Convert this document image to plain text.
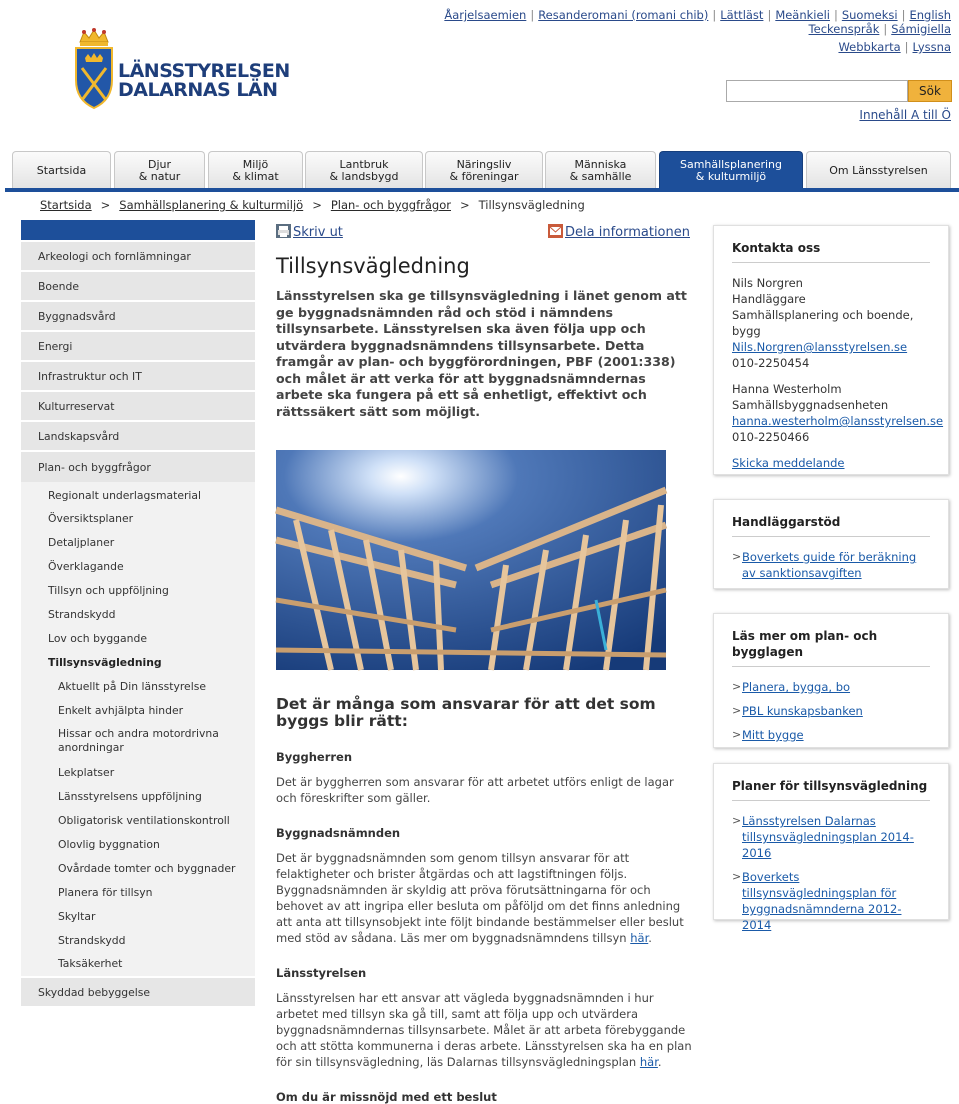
Åarjelsaemien | Resanderomani (romani chib) | Lättläst | Meänkieli | Suomeksi | English
Teckenspråk | Sámigiella
Webbkarta | Lyssna
LÄNSSTYRELSEN
DALARNAS LÄN	Sök
Innehåll A till Ö
Startsida	Djur
& natur
Miljö
& klimat
Lantbruk
& landsbygd
Näringsliv
& föreningar
Människa
& samhälle
Samhällsplanering
& kulturmiljö	Om Länsstyrelsen
Startsida > Samhällsplanering & kulturmiljö > Plan- och byggfrågor > Tillsynsvägledning
Arkeologi och fornlämningar
Boende
Byggnadsvård
Energi
Infrastruktur och IT
Kulturreservat
Landskapsvård
Plan- och byggfrågor
Regionalt underlagsmaterial
Översiktsplaner
Detaljplaner
Överklagande
Tillsyn och uppföljning
Strandskydd
Lov och byggande
Tillsynsvägledning
Aktuellt på Din länsstyrelse
Enkelt avhjälpta hinder
Hissar och andra motordrivna anordningar
Lekplatser
Länsstyrelsens uppföljning
Obligatorisk ventilationskontroll
Olovlig byggnation
Ovårdade tomter och byggnader
Planera för tillsyn
Skyltar
Strandskydd
Taksäkerhet
Skyddad bebyggelse
Skriv ut	Dela informationen
Tillsynsvägledning

Länsstyrelsen ska ge tillsynsvägledning i länet genom att ge byggnadsnämnden råd och stöd i nämndens tillsynsarbete. Länsstyrelsen ska även följa upp och utvärdera byggnadsnämndens tillsynsarbete. Detta framgår av plan- och byggförordningen, PBF (2001:338) och målet är att verka för att byggnadsnämndernas arbete ska fungera på ett så enhetligt, effektivt och rättssäkert sätt som möjligt.

Det är många som ansvarar för att det som byggs blir rätt:
Byggherren

Det är byggherren som ansvarar för att arbetet utförs enligt de lagar och föreskrifter som gäller.

Byggnadsnämnden

Det är byggnadsnämnden som genom tillsyn ansvarar för att felaktigheter och brister åtgärdas och att lagstiftningen följs. Byggnadsnämnden är skyldig att pröva förutsättningarna för och behovet av att ingripa eller besluta om påföljd om det finns anledning att anta att tillsynsobjekt inte följt bindande bestämmelser eller beslut med stöd av sådana. Läs mer om byggnadsnämndens tillsyn här.

Länsstyrelsen

Länsstyrelsen har ett ansvar att vägleda byggnadsnämnden i hur arbetet med tillsyn ska gå till, samt att följa upp och utvärdera byggnadsnämndernas tillsynsarbete. Målet är att arbeta förebyggande och att stötta kommunerna i deras arbete. Länsstyrelsen ska ha en plan för sin tillsynsvägledning, läs Dalarnas tillsynsvägledningsplan här.

Om du är missnöjd med ett beslut
Kontakta oss
Nils Norgren
Handläggare
Samhällsplanering och boende, bygg
Nils.Norgren@lansstyrelsen.se
010-2250454
Hanna Westerholm
Samhällsbyggnadsenheten
hanna.westerholm@lansstyrelsen.se
010-2250466
Skicka meddelande
Handläggarstöd
> Boverkets guide för beräkning av sanktionsavgiften
Läs mer om plan- och bygglagen
> Planera, bygga, bo
> PBL kunskapsbanken
> Mitt bygge
Planer för tillsynsvägledning
> Länsstyrelsen Dalarnas tillsynsvägledningsplan 2014-2016
> Boverkets tillsynsvägledningsplan för byggnadsnämnderna 2012-2014
